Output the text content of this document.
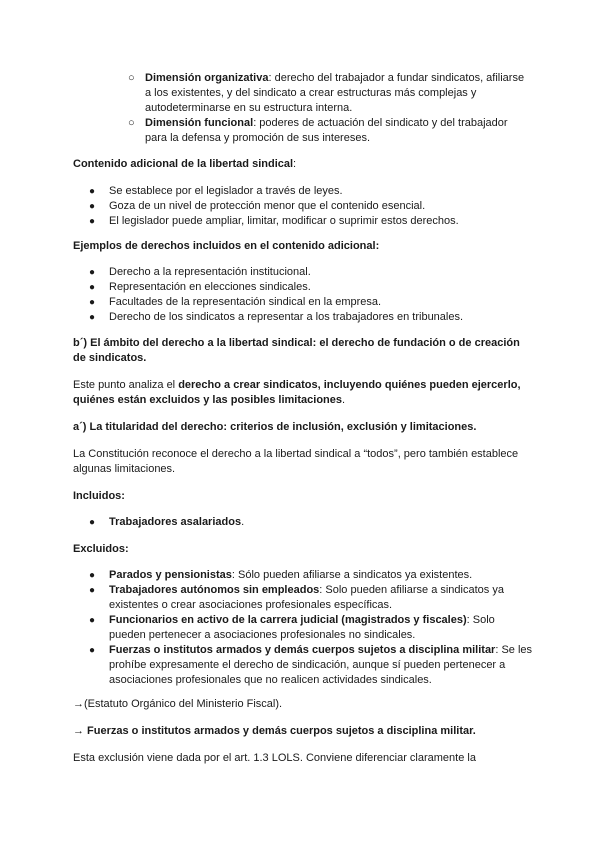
○ Dimensión organizativa: derecho del trabajador a fundar sindicatos, afiliarse a los existentes, y del sindicato a crear estructuras más complejas y autodeterminarse en su estructura interna.
○ Dimensión funcional: poderes de actuación del sindicato y del trabajador para la defensa y promoción de sus intereses.

Contenido adicional de la libertad sindical:

● Se establece por el legislador a través de leyes.
● Goza de un nivel de protección menor que el contenido esencial.
● El legislador puede ampliar, limitar, modificar o suprimir estos derechos.

Ejemplos de derechos incluidos en el contenido adicional:

● Derecho a la representación institucional.
● Representación en elecciones sindicales.
● Facultades de la representación sindical en la empresa.
● Derecho de los sindicatos a representar a los trabajadores en tribunales.

b´) El ámbito del derecho a la libertad sindical: el derecho de fundación o de creación de sindicatos.

Este punto analiza el derecho a crear sindicatos, incluyendo quiénes pueden ejercerlo, quiénes están excluidos y las posibles limitaciones.

a´) La titularidad del derecho: criterios de inclusión, exclusión y limitaciones.

La Constitución reconoce el derecho a la libertad sindical a “todos”, pero también establece algunas limitaciones.

Incluidos:

● Trabajadores asalariados.

Excluidos:

● Parados y pensionistas: Sólo pueden afiliarse a sindicatos ya existentes.
● Trabajadores autónomos sin empleados: Solo pueden afiliarse a sindicatos ya existentes o crear asociaciones profesionales específicas.
● Funcionarios en activo de la carrera judicial (magistrados y fiscales): Solo pueden pertenecer a asociaciones profesionales no sindicales.
● Fuerzas o institutos armados y demás cuerpos sujetos a disciplina militar: Se les prohíbe expresamente el derecho de sindicación, aunque sí pueden pertenecer a asociaciones profesionales que no realicen actividades sindicales.

→(Estatuto Orgánico del Ministerio Fiscal).

→ Fuerzas o institutos armados y demás cuerpos sujetos a disciplina militar.

Esta exclusión viene dada por el art. 1.3 LOLS. Conviene diferenciar claramente la
